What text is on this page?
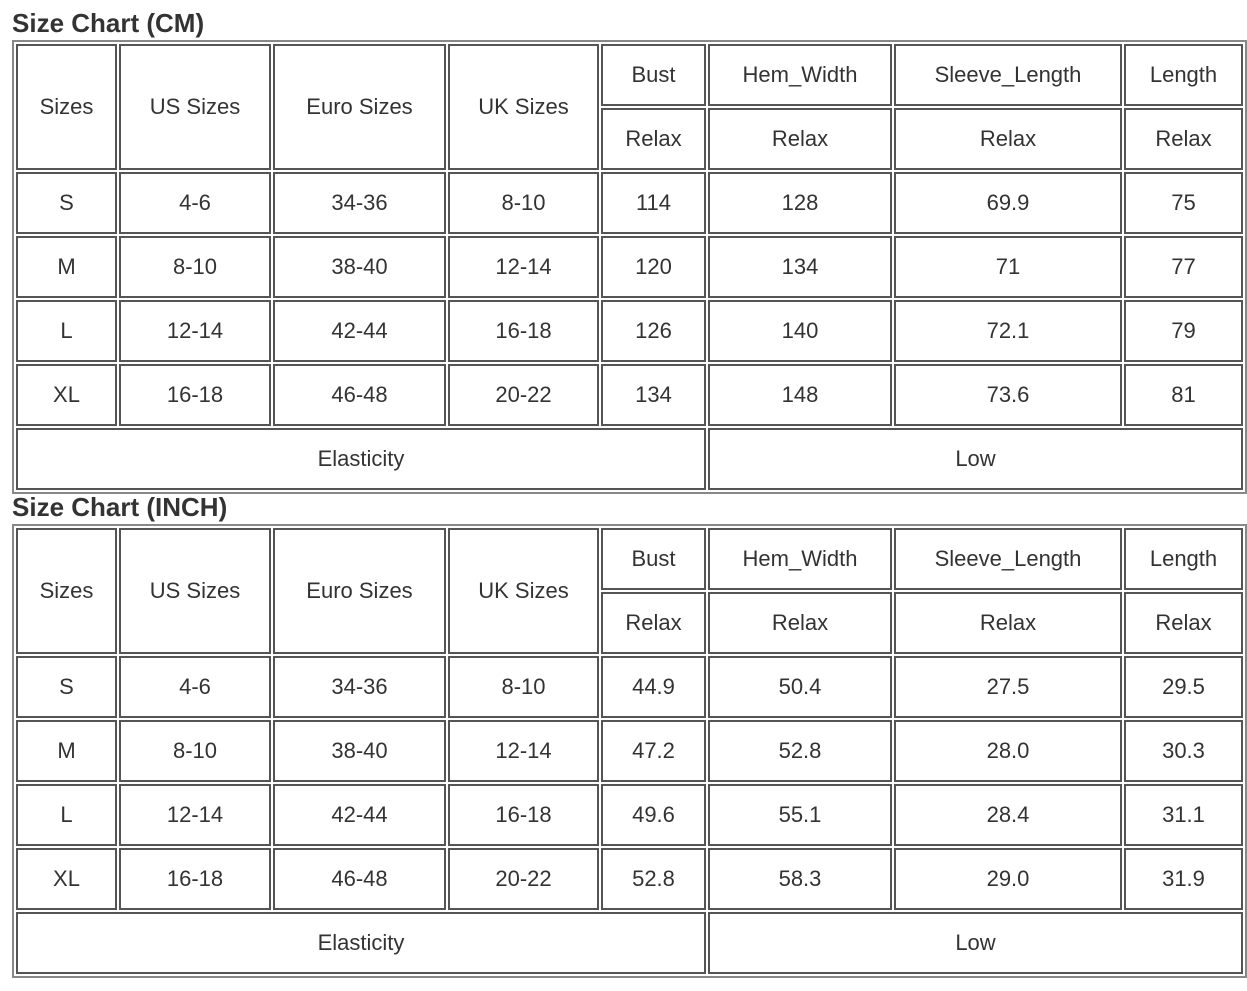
Size Chart (CM)
Sizes	US Sizes	Euro Sizes	UK Sizes	Bust	Hem_Width	Sleeve_Length	Length
				Relax	Relax	Relax	Relax
S	4-6	34-36	8-10	114	128	69.9	75
M	8-10	38-40	12-14	120	134	71	77
L	12-14	42-44	16-18	126	140	72.1	79
XL	16-18	46-48	20-22	134	148	73.6	81
Elasticity					Low		
Size Chart (INCH)
Sizes	US Sizes	Euro Sizes	UK Sizes	Bust	Hem_Width	Sleeve_Length	Length
				Relax	Relax	Relax	Relax
S	4-6	34-36	8-10	44.9	50.4	27.5	29.5
M	8-10	38-40	12-14	47.2	52.8	28.0	30.3
L	12-14	42-44	16-18	49.6	55.1	28.4	31.1
XL	16-18	46-48	20-22	52.8	58.3	29.0	31.9
Elasticity					Low		
